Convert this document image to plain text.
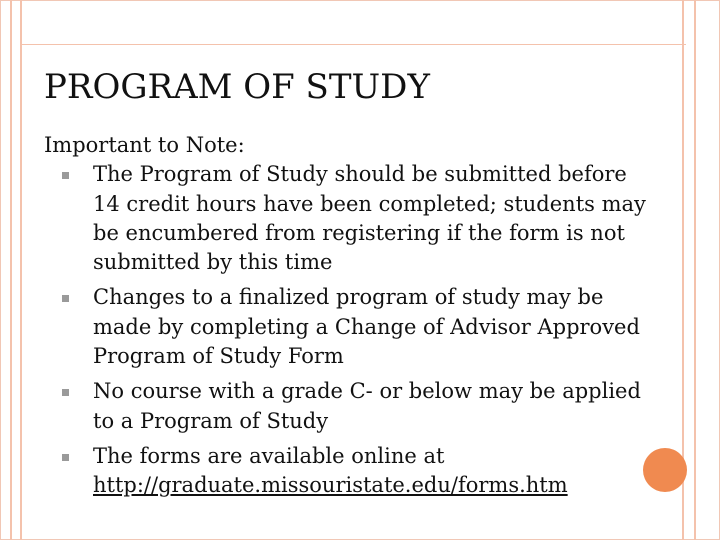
PROGRAM OF STUDY

Important to Note:

The Program of Study should be submitted before 14 credit hours have been completed; students may be encumbered from registering if the form is not submitted by this time
Changes to a finalized program of study may be made by completing a Change of Advisor Approved Program of Study Form
No course with a grade C- or below may be applied to a Program of Study
The forms are available online at http://graduate.missouristate.edu/forms.htm
